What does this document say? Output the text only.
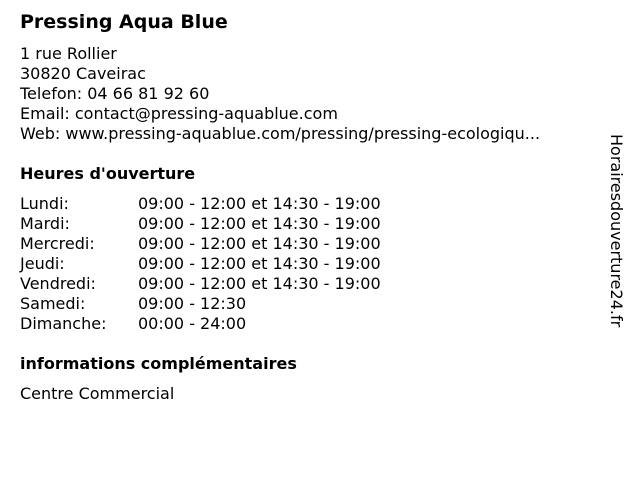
Pressing Aqua Blue
1 rue Rollier
30820 Caveirac
Telefon: 04 66 81 92 60
Email: contact@pressing-aquablue.com
Web: www.pressing-aquablue.com/pressing/pressing-ecologiqu...
Heures d'ouverture
Lundi:	09:00 - 12:00 et 14:30 - 19:00
Mardi:	09:00 - 12:00 et 14:30 - 19:00
Mercredi:	09:00 - 12:00 et 14:30 - 19:00
Jeudi:	09:00 - 12:00 et 14:30 - 19:00
Vendredi:	09:00 - 12:00 et 14:30 - 19:00
Samedi:	09:00 - 12:30
Dimanche:	00:00 - 24:00
informations complémentaires
Centre Commercial
Horairesdouverture24.fr
